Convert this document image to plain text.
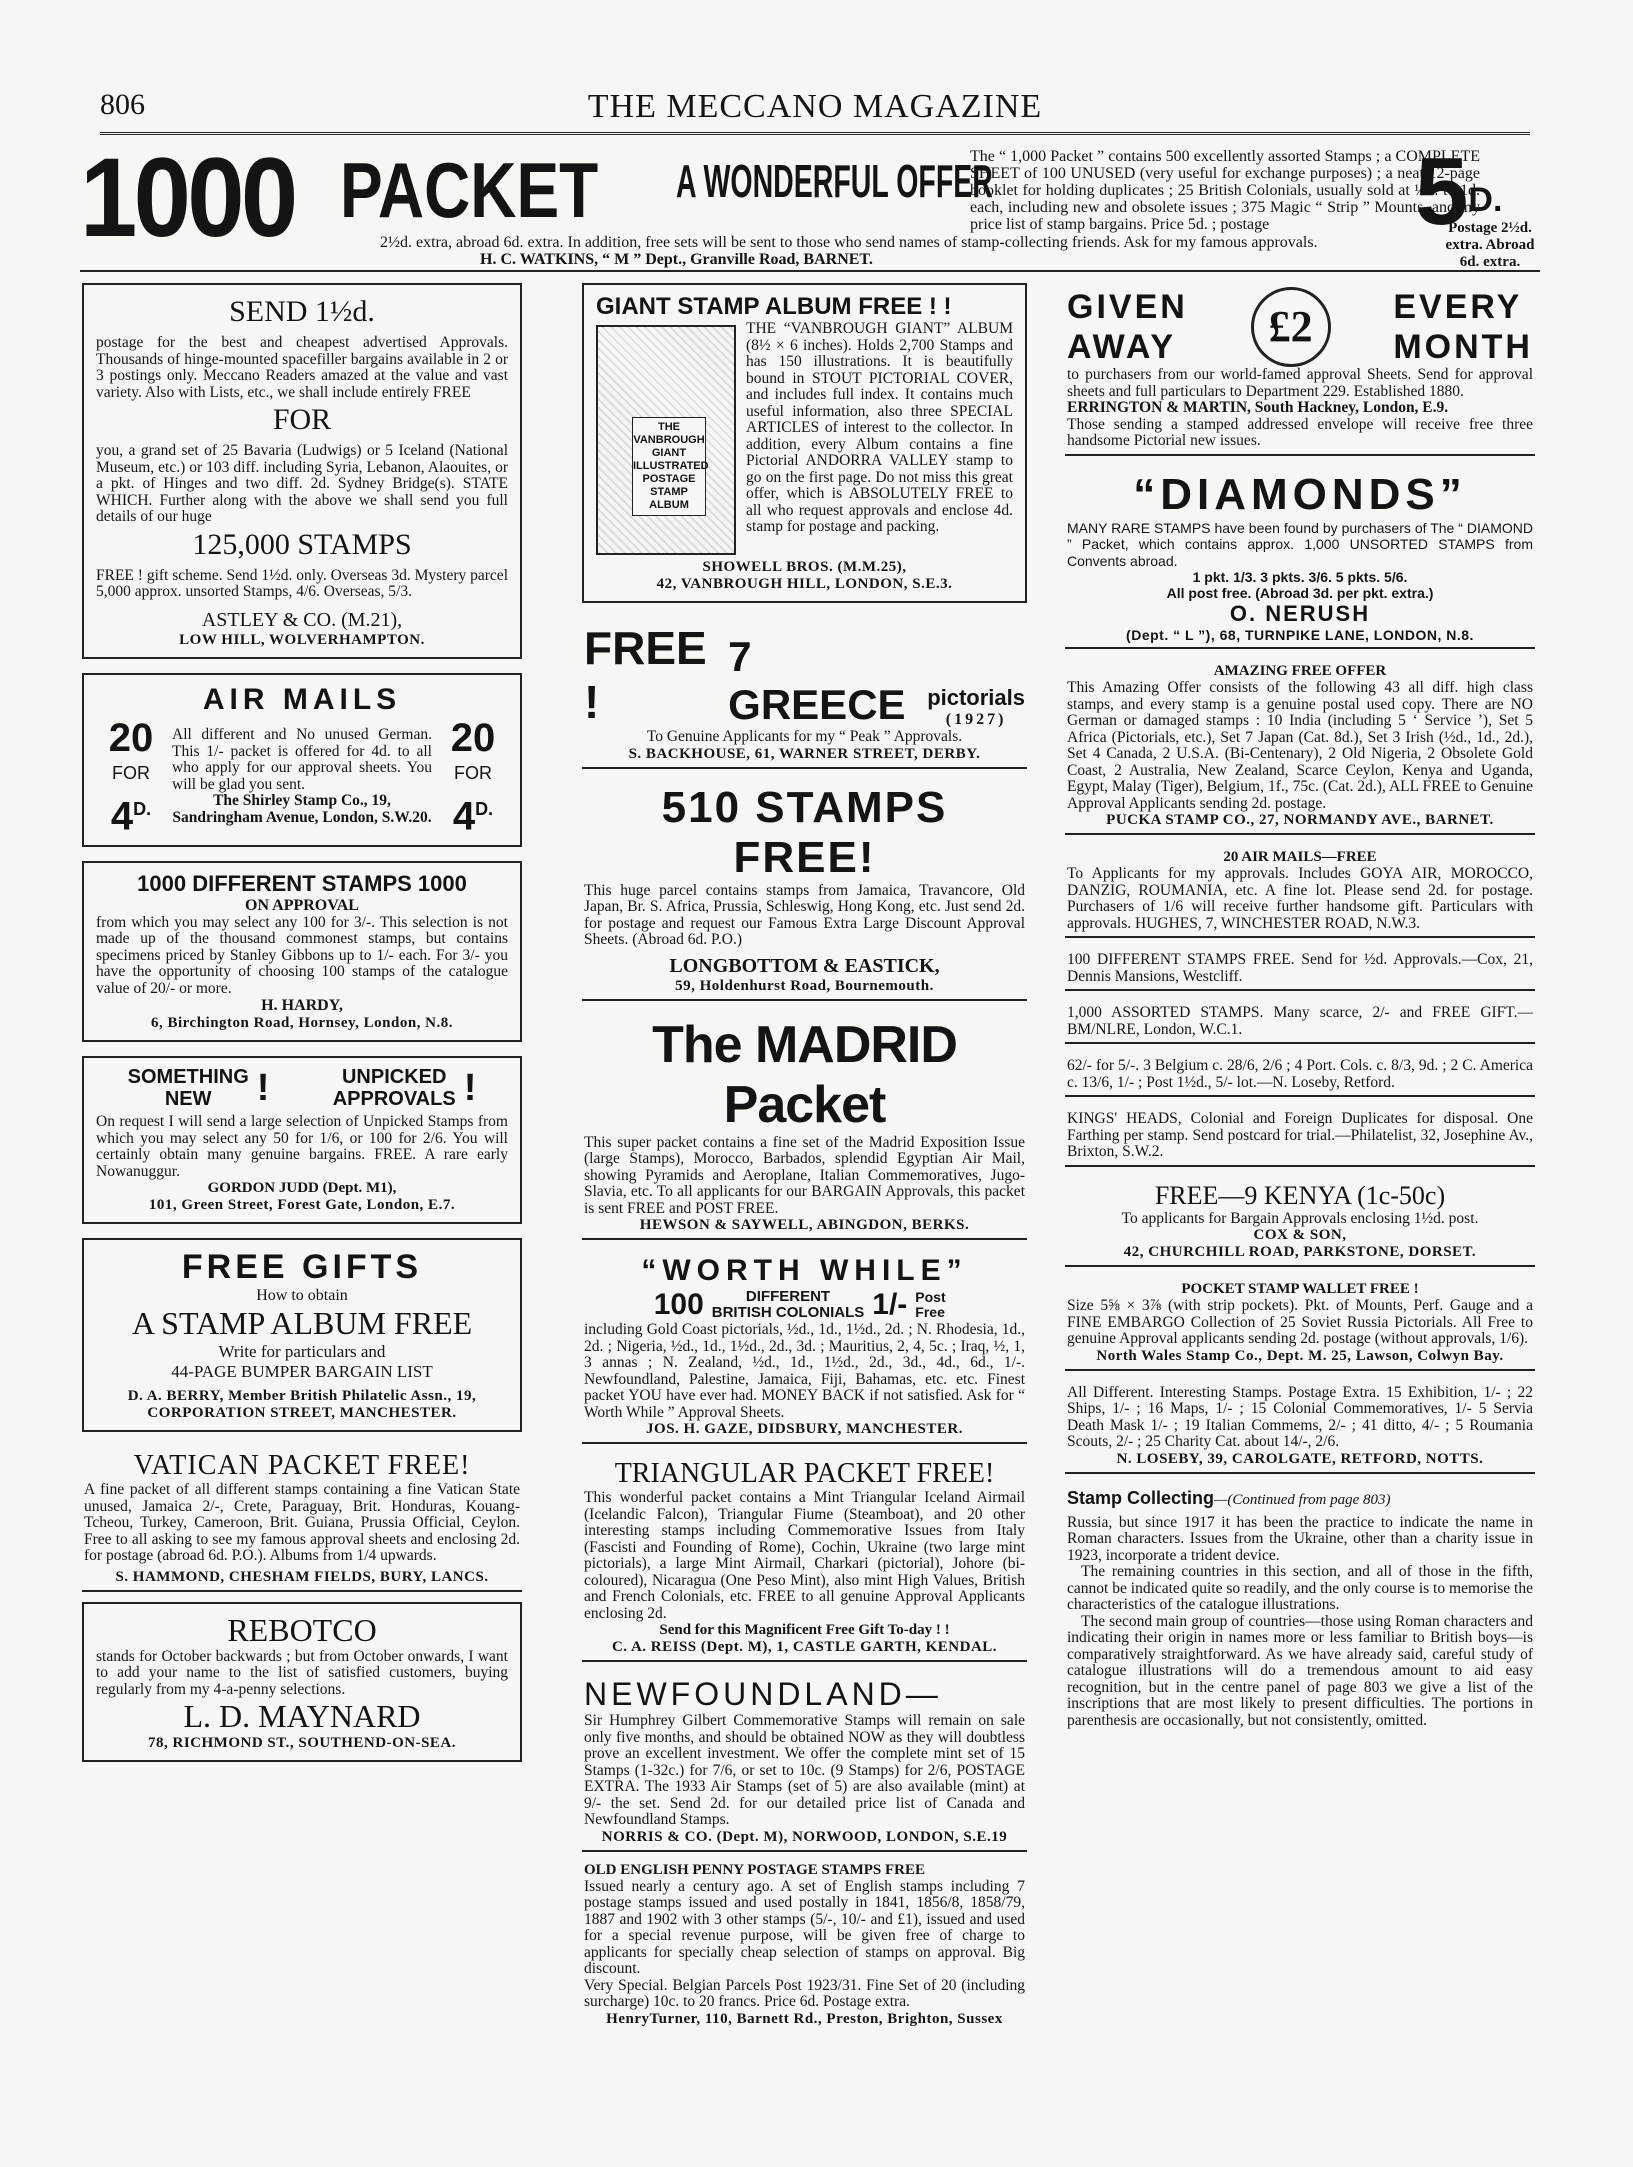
806	THE MECCANO MAGAZINE
1000 PACKET A WONDERFUL OFFER
The “ 1,000 Packet ” contains 500 excellently assorted Stamps ; a COMPLETE SHEET of 100 UNUSED (very useful for exchange purposes) ; a neat 12-page booklet for holding duplicates ; 25 British Colonials, usually sold at ½d. to 1d. each, including new and obsolete issues ; 375 Magic “ Strip ” Mounts, and my price list of stamp bargains. Price 5d. ; postage	$5^{D.}$
Postage 2½d. extra. Abroad 6d. extra.
2½d. extra, abroad 6d. extra. In addition, free sets will be sent to those who send names of stamp-collecting friends. Ask for my famous approvals. H. C. WATKINS, “ M ” Dept., Granville Road, BARNET.
SEND 1½d.

postage for the best and cheapest advertised Approvals. Thousands of hinge-mounted spacefiller bargains available in 2 or 3 postings only. Meccano Readers amazed at the value and vast variety. Also with Lists, etc., we shall include entirely FREE

FOR

you, a grand set of 25 Bavaria (Ludwigs) or 5 Iceland (National Museum, etc.) or 103 diff. including Syria, Lebanon, Alaouites, or a pkt. of Hinges and two diff. 2d. Sydney Bridge(s). STATE WHICH. Further along with the above we shall send you full details of our huge

125,000 STAMPS

FREE ! gift scheme. Send 1½d. only. Overseas 3d. Mystery parcel 5,000 approx. unsorted Stamps, 4/6. Overseas, 5/3.

ASTLEY & CO. (M.21),
LOW HILL, WOLVERHAMPTON.
AIR MAILS
20
FOR
$4^{D.}$

All different and No unused German. This 1/- packet is offered for 4d. to all who apply for our approval sheets. You will be glad you sent.

The Shirley Stamp Co., 19, Sandringham Avenue, London, S.W.20.

20
FOR
$4^{D.}$
1000 DIFFERENT STAMPS 1000
ON APPROVAL

from which you may select any 100 for 3/-. This selection is not made up of the thousand commonest stamps, but contains specimens priced by Stanley Gibbons up to 1/- each. For 3/- you have the opportunity of choosing 100 stamps of the catalogue value of 20/- or more.

H. HARDY,
6, Birchington Road, Hornsey, London, N.8.
SOMETHING
NEW	!	UNPICKED
APPROVALS !

On request I will send a large selection of Unpicked Stamps from which you may select any 50 for 1/6, or 100 for 2/6. You will certainly obtain many genuine bargains. FREE. A rare early Nowanuggur.

GORDON JUDD (Dept. M1),
101, Green Street, Forest Gate, London, E.7.
FREE GIFTS
How to obtain
A STAMP ALBUM FREE
Write for particulars and
44-PAGE BUMPER BARGAIN LIST
D. A. BERRY, Member British Philatelic Assn., 19, CORPORATION STREET, MANCHESTER.
VATICAN PACKET FREE!

A fine packet of all different stamps containing a fine Vatican State unused, Jamaica 2/-, Crete, Paraguay, Brit. Honduras, Kouang-Tcheou, Turkey, Cameroon, Brit. Guiana, Prussia Official, Ceylon. Free to all asking to see my famous approval sheets and enclosing 2d. for postage (abroad 6d. P.O.). Albums from 1/4 upwards.

S. HAMMOND, CHESHAM FIELDS, BURY, LANCS.
REBOTCO

stands for October backwards ; but from October onwards, I want to add your name to the list of satisfied customers, buying regularly from my 4-a-penny selections.

L. D. MAYNARD
78, RICHMOND ST., SOUTHEND-ON-SEA.
GIANT STAMP ALBUM FREE ! !
THE VANBROUGH GIANT ILLUSTRATED POSTAGE STAMP ALBUM

THE “VANBROUGH GIANT” ALBUM (8½ × 6 inches). Holds 2,700 Stamps and has 150 illustrations. It is beautifully bound in STOUT PICTORIAL COVER, and includes full index. It contains much useful information, also three SPECIAL ARTICLES of interest to the collector. In addition, every Album contains a fine Pictorial ANDORRA VALLEY stamp to go on the first page. Do not miss this great offer, which is ABSOLUTELY FREE to all who request approvals and enclose 4d. stamp for postage and packing.

SHOWELL BROS. (M.M.25),
42, VANBROUGH HILL, LONDON, S.E.3.
FREE !
7 GREECE pictorials
(1927)

To Genuine Applicants for my “ Peak ” Approvals.

S. BACKHOUSE, 61, WARNER STREET, DERBY.
510 STAMPS FREE!

This huge parcel contains stamps from Jamaica, Travancore, Old Japan, Br. S. Africa, Prussia, Schleswig, Hong Kong, etc. Just send 2d. for postage and request our Famous Extra Large Discount Approval Sheets. (Abroad 6d. P.O.)

LONGBOTTOM & EASTICK,
59, Holdenhurst Road, Bournemouth.
The MADRID Packet

This super packet contains a fine set of the Madrid Exposition Issue (large Stamps), Morocco, Barbados, splendid Egyptian Air Mail, showing Pyramids and Aeroplane, Italian Commemoratives, Jugo-Slavia, etc. To all applicants for our BARGAIN Approvals, this packet is sent FREE and POST FREE.

HEWSON & SAYWELL, ABINGDON, BERKS.
“WORTH WHILE”
100	DIFFERENT
BRITISH COLONIALS 1/- Post Free

including Gold Coast pictorials, ½d., 1d., 1½d., 2d. ; N. Rhodesia, 1d., 2d. ; Nigeria, ½d., 1d., 1½d., 2d., 3d. ; Mauritius, 2, 4, 5c. ; Iraq, ½, 1, 3 annas ; N. Zealand, ½d., 1d., 1½d., 2d., 3d., 4d., 6d., 1/-. Newfoundland, Palestine, Jamaica, Fiji, Bahamas, etc. etc. Finest packet YOU have ever had. MONEY BACK if not satisfied. Ask for “ Worth While ” Approval Sheets.

JOS. H. GAZE, DIDSBURY, MANCHESTER.
TRIANGULAR PACKET FREE!

This wonderful packet contains a Mint Triangular Iceland Airmail (Icelandic Falcon), Triangular Fiume (Steamboat), and 20 other interesting stamps including Commemorative Issues from Italy (Fascisti and Founding of Rome), Cochin, Ukraine (two large mint pictorials), a large Mint Airmail, Charkari (pictorial), Johore (bi-coloured), Nicaragua (One Peso Mint), also mint High Values, British and French Colonials, etc. FREE to all genuine Approval Applicants enclosing 2d.

Send for this Magnificent Free Gift To-day ! !
C. A. REISS (Dept. M), 1, CASTLE GARTH, KENDAL.
NEWFOUNDLAND—

Sir Humphrey Gilbert Commemorative Stamps will remain on sale only five months, and should be obtained NOW as they will doubtless prove an excellent investment. We offer the complete mint set of 15 Stamps (1-32c.) for 7/6, or set to 10c. (9 Stamps) for 2/6, POSTAGE EXTRA. The 1933 Air Stamps (set of 5) are also available (mint) at 9/- the set. Send 2d. for our detailed price list of Canada and Newfoundland Stamps.

NORRIS & CO. (Dept. M), NORWOOD, LONDON, S.E.19
OLD ENGLISH PENNY POSTAGE STAMPS FREE

Issued nearly a century ago. A set of English stamps including 7 postage stamps issued and used postally in 1841, 1856/8, 1858/79, 1887 and 1902 with 3 other stamps (5/-, 10/- and £1), issued and used for a special revenue purpose, will be given free of charge to applicants for specially cheap selection of stamps on approval. Big discount.

Very Special. Belgian Parcels Post 1923/31. Fine Set of 20 (including surcharge) 10c. to 20 francs. Price 6d. Postage extra.

HenryTurner, 110, Barnett Rd., Preston, Brighton, Sussex
GIVEN
AWAY	£2	EVERY
MONTH

to purchasers from our world-famed approval Sheets. Send for approval sheets and full particulars to Department 229. Established 1880.

ERRINGTON & MARTIN, South Hackney, London, E.9.

Those sending a stamped addressed envelope will receive free three handsome Pictorial new issues.

“DIAMONDS”

MANY RARE STAMPS have been found by purchasers of The “ DIAMOND ” Packet, which contains approx. 1,000 UNSORTED STAMPS from Convents abroad.

1 pkt. 1/3. 3 pkts. 3/6. 5 pkts. 5/6.
All post free. (Abroad 3d. per pkt. extra.)
O. NERUSH
(Dept. “ L ”), 68, TURNPIKE LANE, LONDON, N.8.
AMAZING FREE OFFER

This Amazing Offer consists of the following 43 all diff. high class stamps, and every stamp is a genuine postal used copy. There are NO German or damaged stamps : 10 India (including 5 ‘ Service ’), Set 5 Africa (Pictorials, etc.), Set 7 Japan (Cat. 8d.), Set 3 Irish (½d., 1d., 2d.), Set 4 Canada, 2 U.S.A. (Bi-Centenary), 2 Old Nigeria, 2 Obsolete Gold Coast, 2 Australia, New Zealand, Scarce Ceylon, Kenya and Uganda, Egypt, Malay (Tiger), Belgium, 1f., 75c. (Cat. 2d.), ALL FREE to Genuine Approval Applicants sending 2d. postage.

PUCKA STAMP CO., 27, NORMANDY AVE., BARNET.
20 AIR MAILS—FREE

To Applicants for my approvals. Includes GOYA AIR, MOROCCO, DANZIG, ROUMANIA, etc. A fine lot. Please send 2d. for postage. Purchasers of 1/6 will receive further handsome gift. Particulars with approvals. HUGHES, 7, WINCHESTER ROAD, N.W.3.

100 DIFFERENT STAMPS FREE. Send for ½d. Approvals.—Cox, 21, Dennis Mansions, Westcliff.

1,000 ASSORTED STAMPS. Many scarce, 2/- and FREE GIFT.—BM/NLRE, London, W.C.1.

62/- for 5/-. 3 Belgium c. 28/6, 2/6 ; 4 Port. Cols. c. 8/3, 9d. ; 2 C. America c. 13/6, 1/- ; Post 1½d., 5/- lot.—N. Loseby, Retford.

KINGS' HEADS, Colonial and Foreign Duplicates for disposal. One Farthing per stamp. Send postcard for trial.—Philatelist, 32, Josephine Av., Brixton, S.W.2.

FREE—9 KENYA (1c-50c)

To applicants for Bargain Approvals enclosing 1½d. post.

COX & SON,
42, CHURCHILL ROAD, PARKSTONE, DORSET.
POCKET STAMP WALLET FREE !

Size 5⅝ × 3⅞ (with strip pockets). Pkt. of Mounts, Perf. Gauge and a FINE EMBARGO Collection of 25 Soviet Russia Pictorials. All Free to genuine Approval applicants sending 2d. postage (without approvals, 1/6).

North Wales Stamp Co., Dept. M. 25, Lawson, Colwyn Bay.

All Different. Interesting Stamps. Postage Extra. 15 Exhibition, 1/- ; 22 Ships, 1/- ; 16 Maps, 1/- ; 15 Colonial Commemoratives, 1/- 5 Servia Death Mask 1/- ; 19 Italian Commems, 2/- ; 41 ditto, 4/- ; 5 Roumania Scouts, 2/- ; 25 Charity Cat. about 14/-, 2/6.

N. LOSEBY, 39, CAROLGATE, RETFORD, NOTTS.
Stamp Collecting—(Continued from page 803)

Russia, but since 1917 it has been the practice to indicate the name in Roman characters. Issues from the Ukraine, other than a charity issue in 1923, incorporate a trident device.

The remaining countries in this section, and all of those in the fifth, cannot be indicated quite so readily, and the only course is to memorise the characteristics of the catalogue illustrations.

The second main group of countries—those using Roman characters and indicating their origin in names more or less familiar to British boys—is comparatively straightforward. As we have already said, careful study of catalogue illustrations will do a tremendous amount to aid easy recognition, but in the centre panel of page 803 we give a list of the inscriptions that are most likely to present difficulties. The portions in parenthesis are occasionally, but not consistently, omitted.
